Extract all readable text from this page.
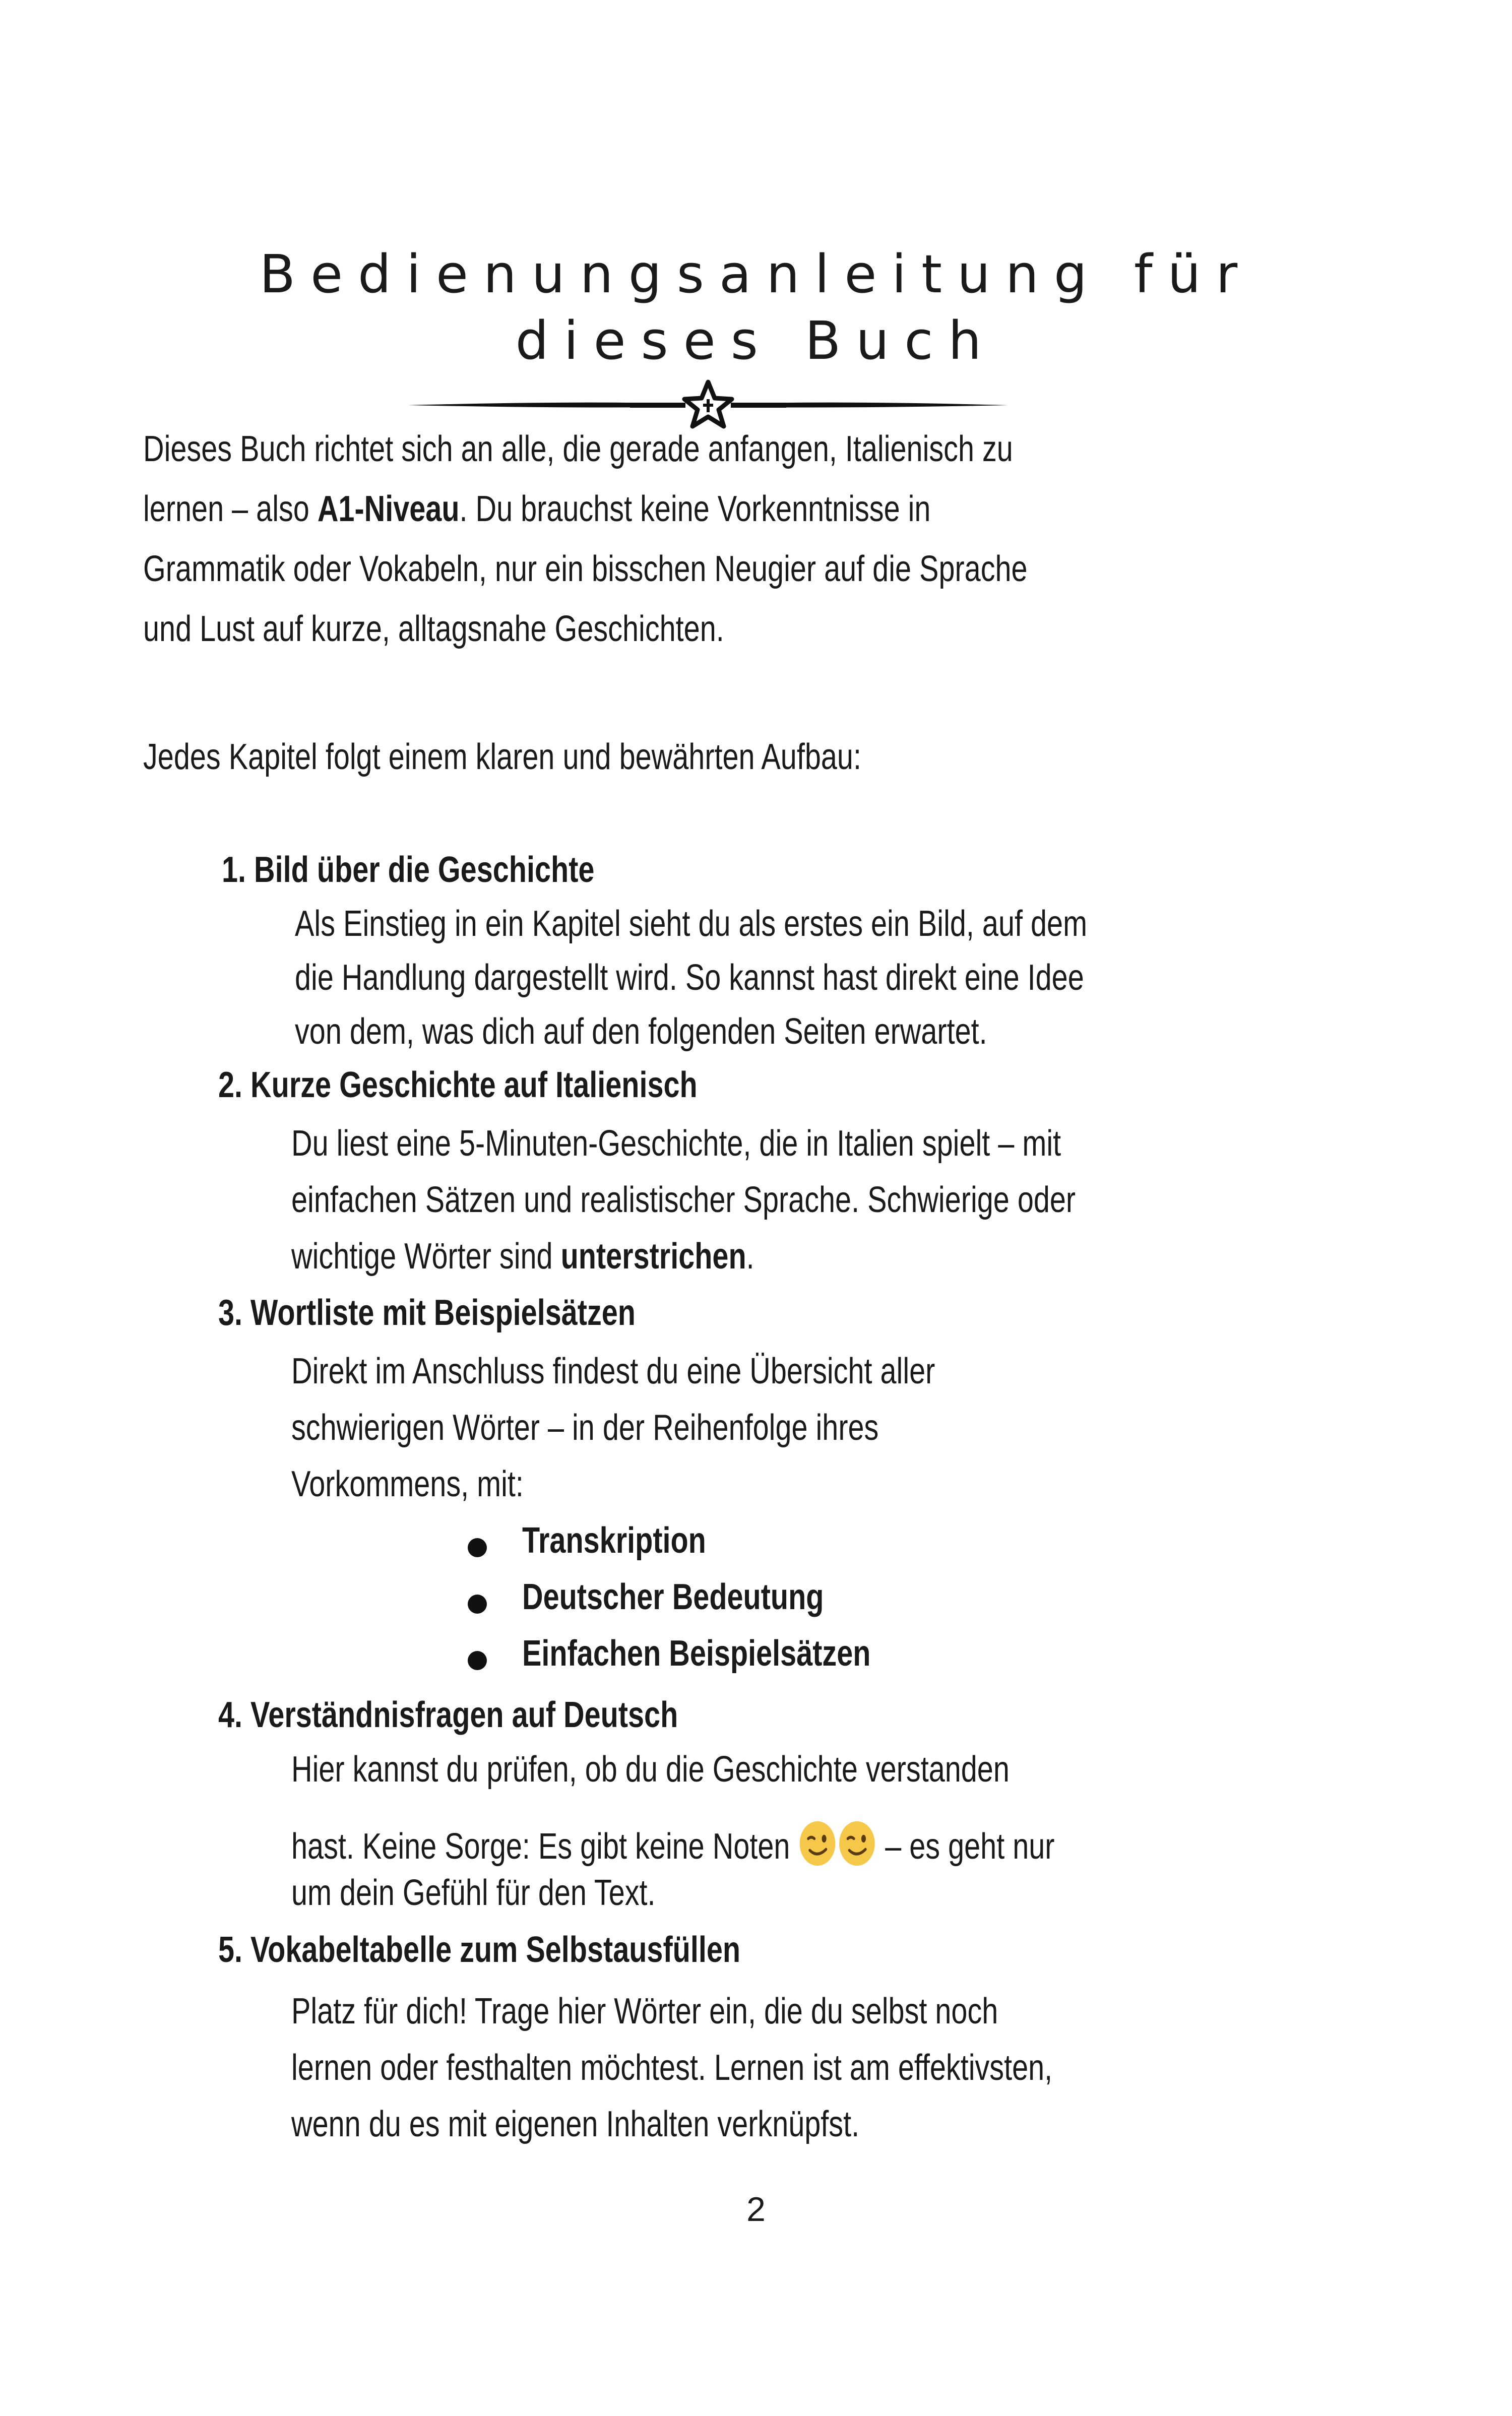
Bedienungsanleitung für
dieses Buch
Dieses Buch richtet sich an alle, die gerade anfangen, Italienisch zu
lernen – also A1-Niveau. Du brauchst keine Vorkenntnisse in
Grammatik oder Vokabeln, nur ein bisschen Neugier auf die Sprache
und Lust auf kurze, alltagsnahe Geschichten.
Jedes Kapitel folgt einem klaren und bewährten Aufbau:
1. Bild über die Geschichte
Als Einstieg in ein Kapitel sieht du als erstes ein Bild, auf dem
die Handlung dargestellt wird. So kannst hast direkt eine Idee
von dem, was dich auf den folgenden Seiten erwartet.
2. Kurze Geschichte auf Italienisch
Du liest eine 5-Minuten-Geschichte, die in Italien spielt – mit
einfachen Sätzen und realistischer Sprache. Schwierige oder
wichtige Wörter sind unterstrichen.
3. Wortliste mit Beispielsätzen
Direkt im Anschluss findest du eine Übersicht aller
schwierigen Wörter – in der Reihenfolge ihres
Vorkommens, mit:
Transkription
Deutscher Bedeutung
Einfachen Beispielsätzen
4. Verständnisfragen auf Deutsch
Hier kannst du prüfen, ob du die Geschichte verstanden
hast. Keine Sorge: Es gibt keine Noten  – es geht nur
um dein Gefühl für den Text.
5. Vokabeltabelle zum Selbstausfüllen
Platz für dich! Trage hier Wörter ein, die du selbst noch
lernen oder festhalten möchtest. Lernen ist am effektivsten,
wenn du es mit eigenen Inhalten verknüpfst.
2
